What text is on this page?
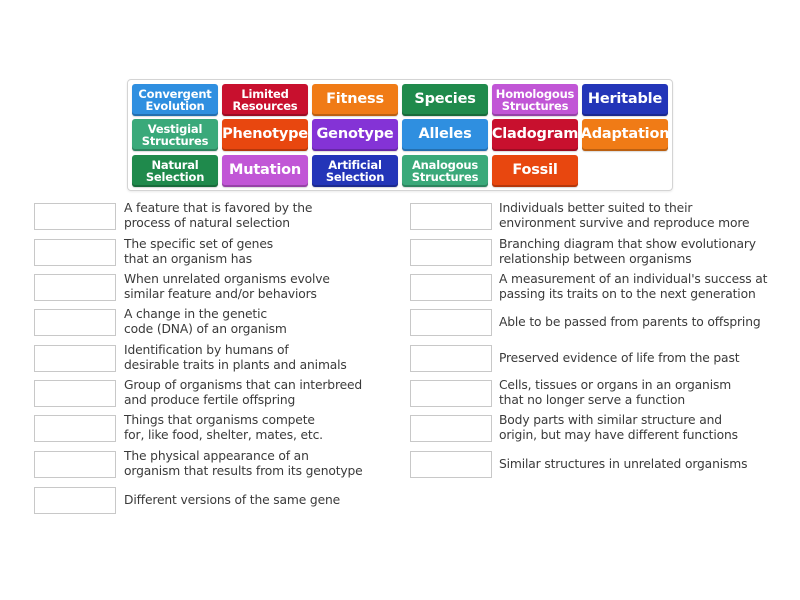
Convergent Evolution
Limited Resources	Fitness Species Homologous Structures	Heritable
Vestigial Structures Phenotype Genotype Alleles Cladogram Adaptation
Natural Selection	Mutation	Artificial Selection
Analogous Structures	Fossil
A feature that is favored by the
process of natural selection
The specific set of genes
that an organism has
When unrelated organisms evolve
similar feature and/or behaviors
A change in the genetic
code (DNA) of an organism
Identification by humans of
desirable traits in plants and animals
Group of organisms that can interbreed
and produce fertile offspring
Things that organisms compete
for, like food, shelter, mates, etc.
The physical appearance of an
organism that results from its genotype
Different versions of the same gene
Individuals better suited to their
environment survive and reproduce more
Branching diagram that show evolutionary
relationship between organisms
A measurement of an individual's success at
passing its traits on to the next generation
Able to be passed from parents to offspring
Preserved evidence of life from the past
Cells, tissues or organs in an organism
that no longer serve a function
Body parts with similar structure and
origin, but may have different functions
Similar structures in unrelated organisms
